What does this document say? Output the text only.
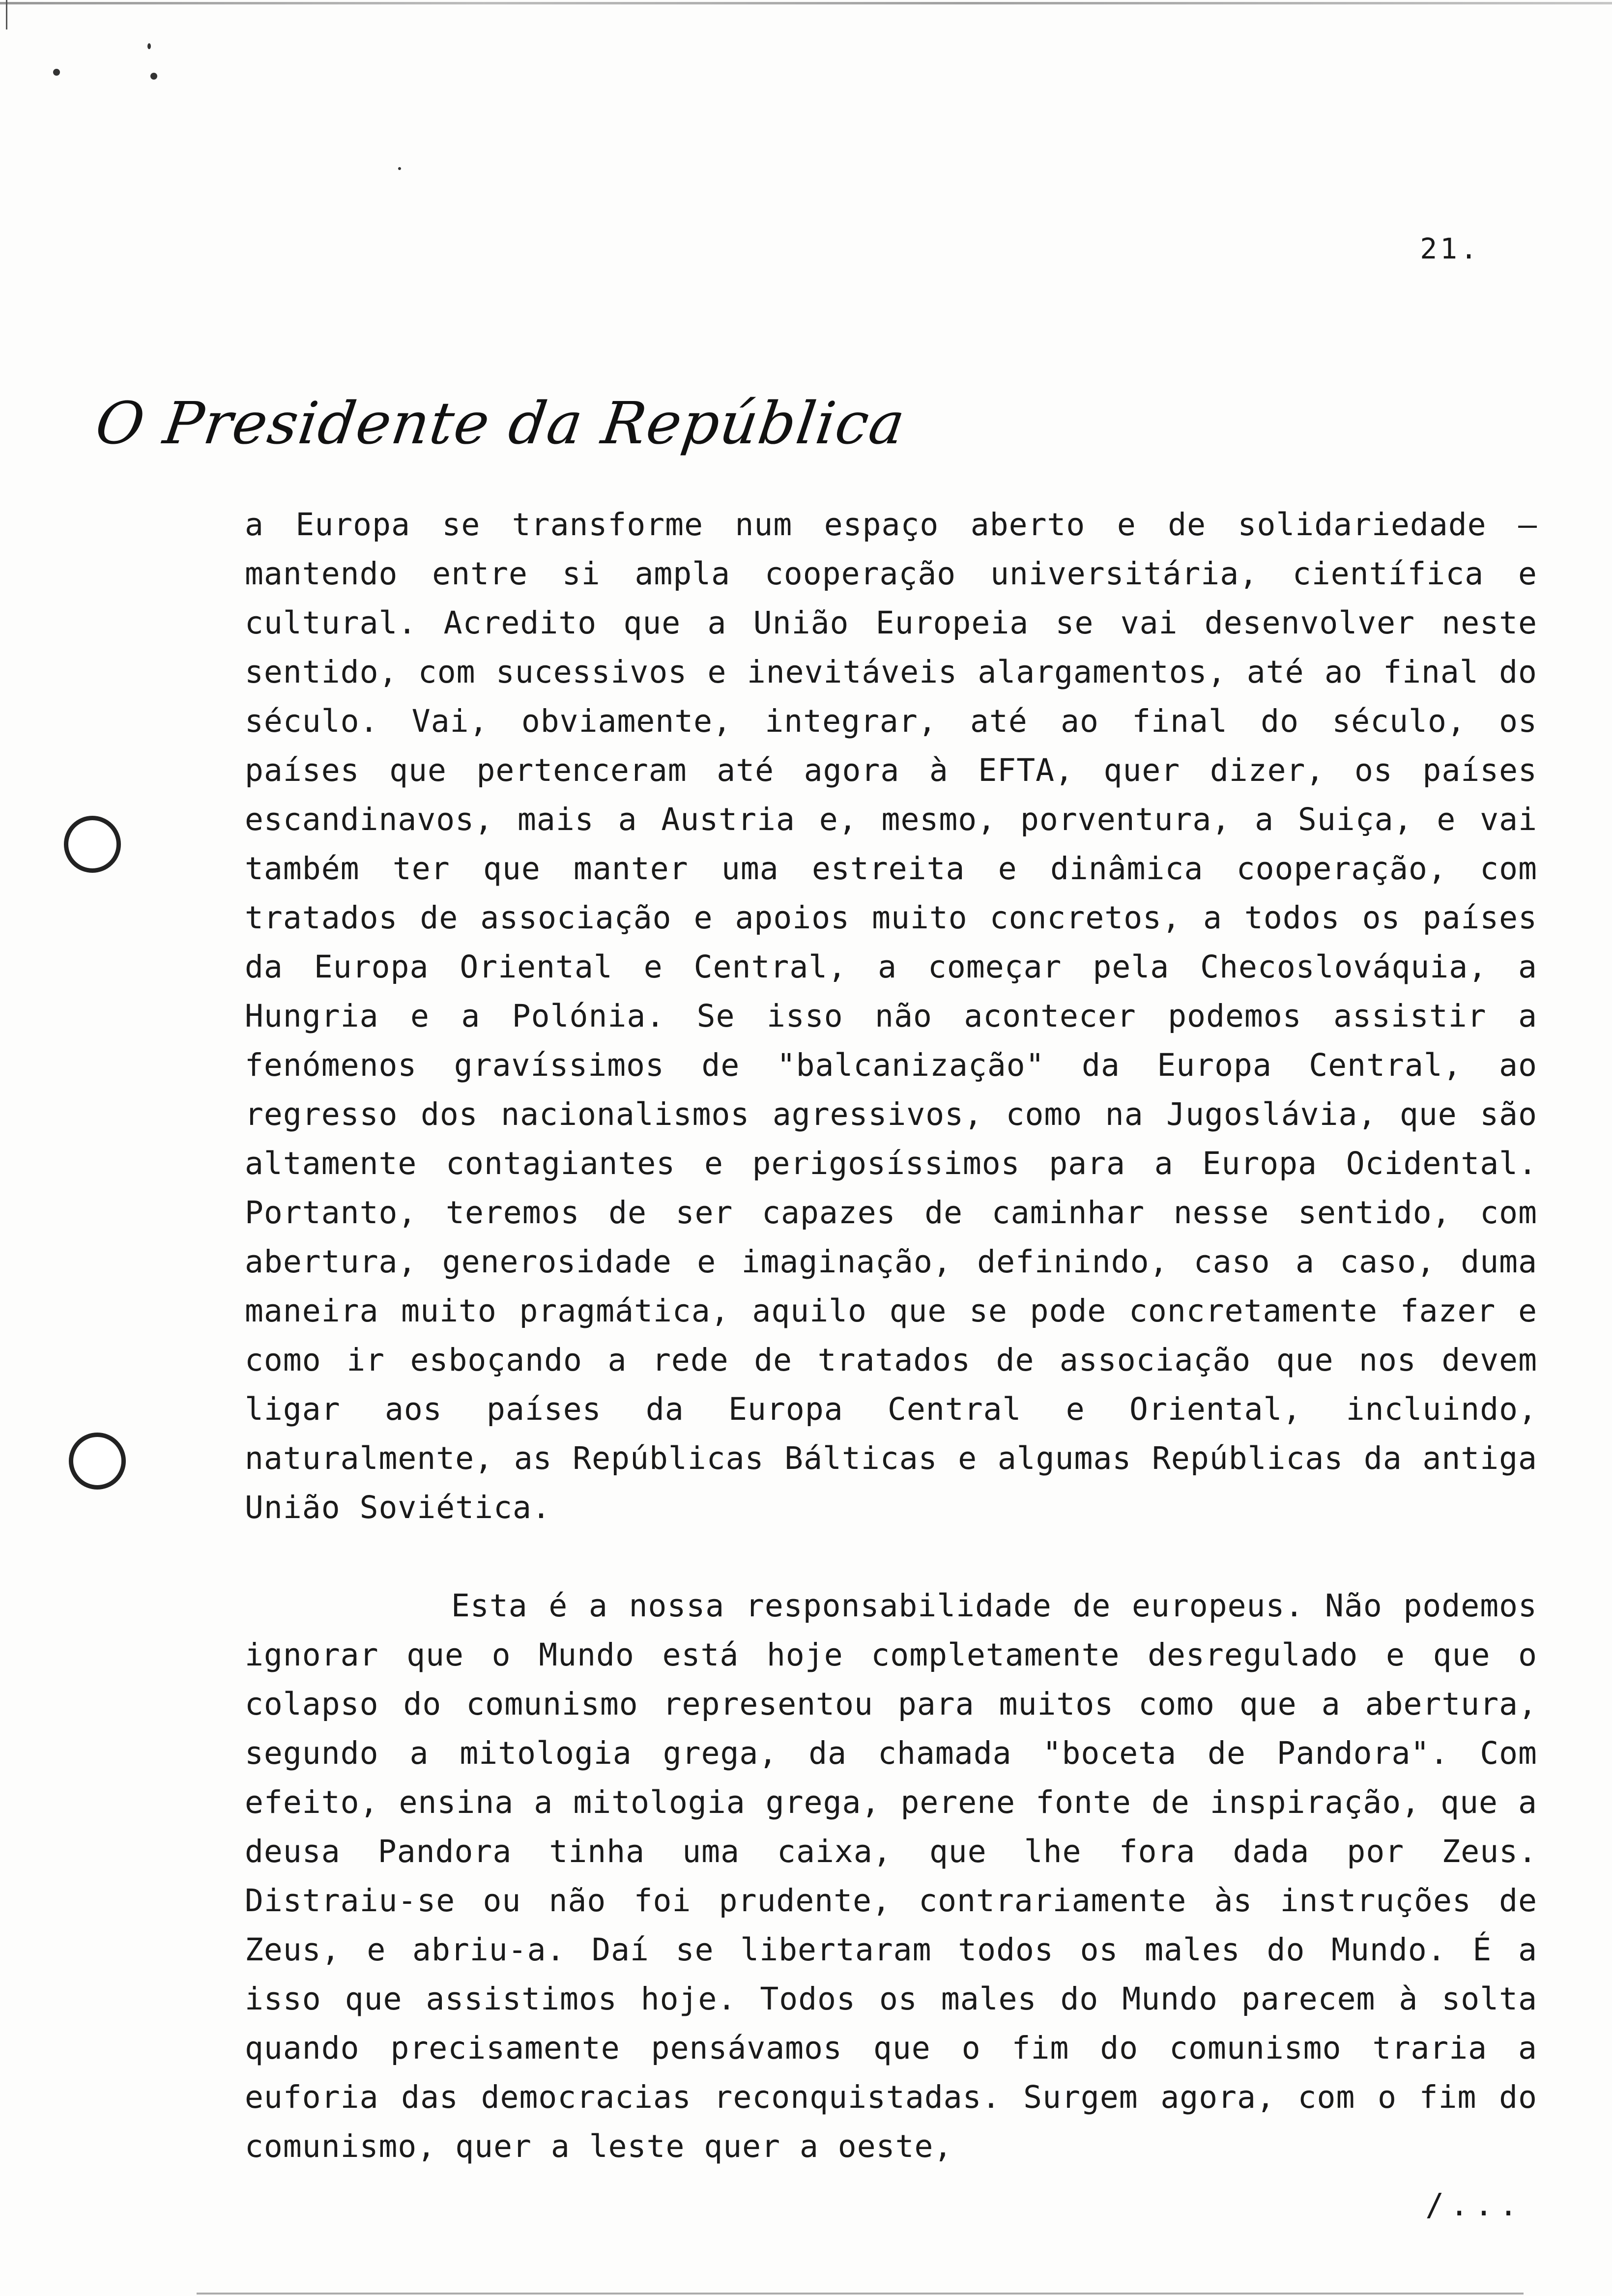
21.
O Presidente da República

a Europa se transforme num espaço aberto e de solidariedade – mantendo entre si ampla cooperação universitária, científica e cultural. Acredito que a União Europeia se vai desenvolver neste sentido, com sucessivos e inevitáveis alargamentos, até ao final do século. Vai, obviamente, integrar, até ao final do século, os países que pertenceram até agora à EFTA, quer dizer, os países escandinavos, mais a Austria e, mesmo, porventura, a Suiça, e vai também ter que manter uma estreita e dinâmica cooperação, com tratados de associação e apoios muito concretos, a todos os países da Europa Oriental e Central, a começar pela Checoslováquia, a Hungria e a Polónia. Se isso não acontecer podemos assistir a fenómenos gravíssimos de "balcanização" da Europa Central, ao regresso dos nacionalismos agressivos, como na Jugoslávia, que são altamente contagiantes e perigosíssimos para a Europa Ocidental. Portanto, teremos de ser capazes de caminhar nesse sentido, com abertura, generosidade e imaginação, definindo, caso a caso, duma maneira muito pragmática, aquilo que se pode concretamente fazer e como ir esboçando a rede de tratados de associação que nos devem ligar aos países da Europa Central e Oriental, incluindo, naturalmente, as Repúblicas Bálticas e algumas Repúblicas da antiga União Soviética.

Esta é a nossa responsabilidade de europeus. Não podemos ignorar que o Mundo está hoje completamente desregulado e que o colapso do comunismo representou para muitos como que a abertura, segundo a mitologia grega, da chamada "boceta de Pandora". Com efeito, ensina a mitologia grega, perene fonte de inspiração, que a deusa Pandora tinha uma caixa, que lhe fora dada por Zeus. Distraiu-se ou não foi prudente, contrariamente às instruções de Zeus, e abriu-a. Daí se libertaram todos os males do Mundo. É a isso que assistimos hoje. Todos os males do Mundo parecem à solta quando precisamente pensávamos que o fim do comunismo traria a euforia das democracias reconquistadas. Surgem agora, com o fim do comunismo, quer a leste quer a oeste,

/...
